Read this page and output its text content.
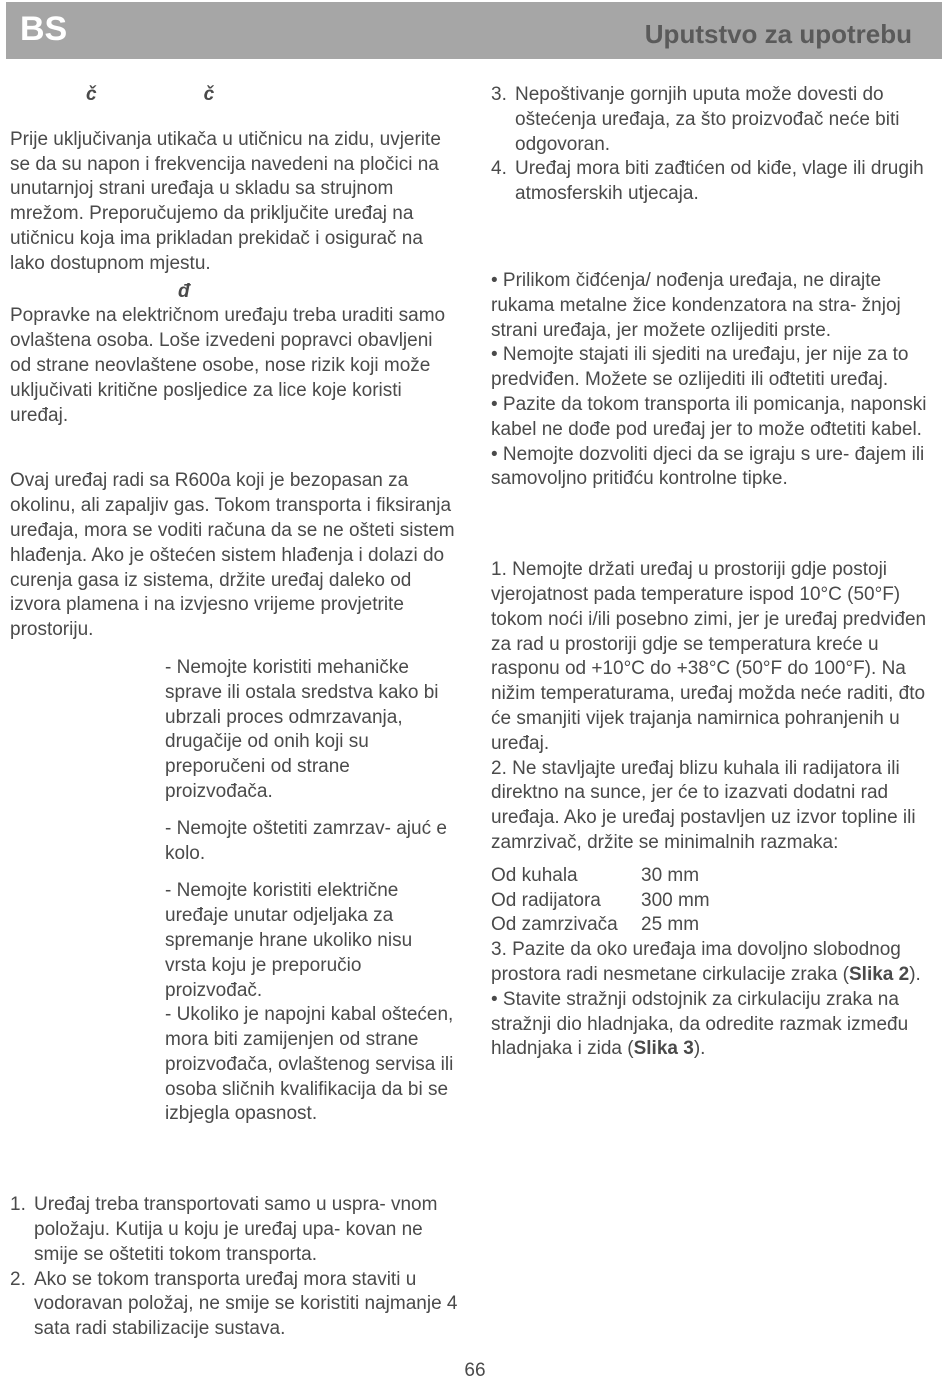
BS	Uputstvo za upotrebu
č	č

Prije uključivanja utikača u utičnicu na zidu, uvjerite se da su napon i frekvencija navedeni na pločici na unutarnjoj strani uređaja u skladu sa strujnom mrežom. Preporučujemo da priključite uređaj na utičnicu koja ima prikladan prekidač i osigurač na lako dostupnom mjestu.

đ

Popravke na električnom uređaju treba uraditi samo ovlaštena osoba. Loše izvedeni popravci obavljeni od strane neovlaštene osobe, nose rizik koji može uključivati kritične posljedice za lice koje koristi uređaj.

Ovaj uređaj radi sa R600a koji je bezopasan za okolinu, ali zapaljiv gas. Tokom transporta i fiksiranja uređaja, mora se voditi računa da se ne ošteti sistem hlađenja. Ako je oštećen sistem hlađenja i dolazi do curenja gasa iz sistema, držite uređaj daleko od izvora plamena i na izvjesno vrijeme provjetrite prostoriju.

- Nemojte koristiti mehaničke sprave ili ostala sredstva kako bi ubrzali proces odmrzavanja, drugačije od onih koji su preporučeni od strane proizvođača.

- Nemojte oštetiti zamrzav- ajuć e kolo.

- Nemojte koristiti električne uređaje unutar odjeljaka za spremanje hrane ukoliko nisu vrsta koju je preporučio proizvođač.

- Ukoliko je napojni kabal oštećen, mora biti zamijenjen od strane proizvođača, ovlaštenog servisa ili osoba sličnih kvalifikacija da bi se izbjegla opasnost.

1. Uređaj treba transportovati samo u uspra- vnom položaju. Kutija u koju je uređaj upa- kovan ne smije se oštetiti tokom transporta.
2. Ako se tokom transporta uređaj mora staviti u vodoravan položaj, ne smije se koristiti najmanje 4 sata radi stabilizacije sustava.
3. Nepoštivanje gornjih uputa može dovesti do oštećenja uređaja, za što proizvođač neće biti odgovoran.
4. Uređaj mora biti zađtićen od kiđe, vlage ili drugih atmosferskih utjecaja.

• Prilikom čiđćenja/ nođenja uređaja, ne dirajte rukama metalne žice kondenzatora na stra- žnjoj strani uređaja, jer možete ozlijediti prste.

• Nemojte stajati ili sjediti na uređaju, jer nije za to predviđen. Možete se ozlijediti ili ođtetiti uređaj.

• Pazite da tokom transporta ili pomicanja, naponski kabel ne dođe pod uređaj jer to može ođtetiti kabel.

• Nemojte dozvoliti djeci da se igraju s ure- đajem ili samovoljno pritiđću kontrolne tipke.

1. Nemojte držati uređaj u prostoriji gdje postoji vjerojatnost pada temperature ispod 10°C (50°F) tokom noći i/ili posebno zimi, jer je uređaj predviđen za rad u prostoriji gdje se temperatura kreće u rasponu od +10°C do +38°C (50°F do 100°F). Na nižim temperaturama, uređaj možda neće raditi, đto će smanjiti vijek trajanja namirnica pohranjenih u uređaj.

2. Ne stavljajte uređaj blizu kuhala ili radijatora ili direktno na sunce, jer će to izazvati dodatni rad uređaja. Ako je uređaj postavljen uz izvor topline ili zamrzivač, držite se minimalnih razmaka:

Od kuhala	30 mm
Od radijatora	300 mm
Od zamrzivača	25 mm

3. Pazite da oko uređaja ima dovoljno slobodnog prostora radi nesmetane cirkulacije zraka (Slika 2).

• Stavite stražnji odstojnik za cirkulaciju zraka na stražnji dio hladnjaka, da odredite razmak između hladnjaka i zida (Slika 3).

66
